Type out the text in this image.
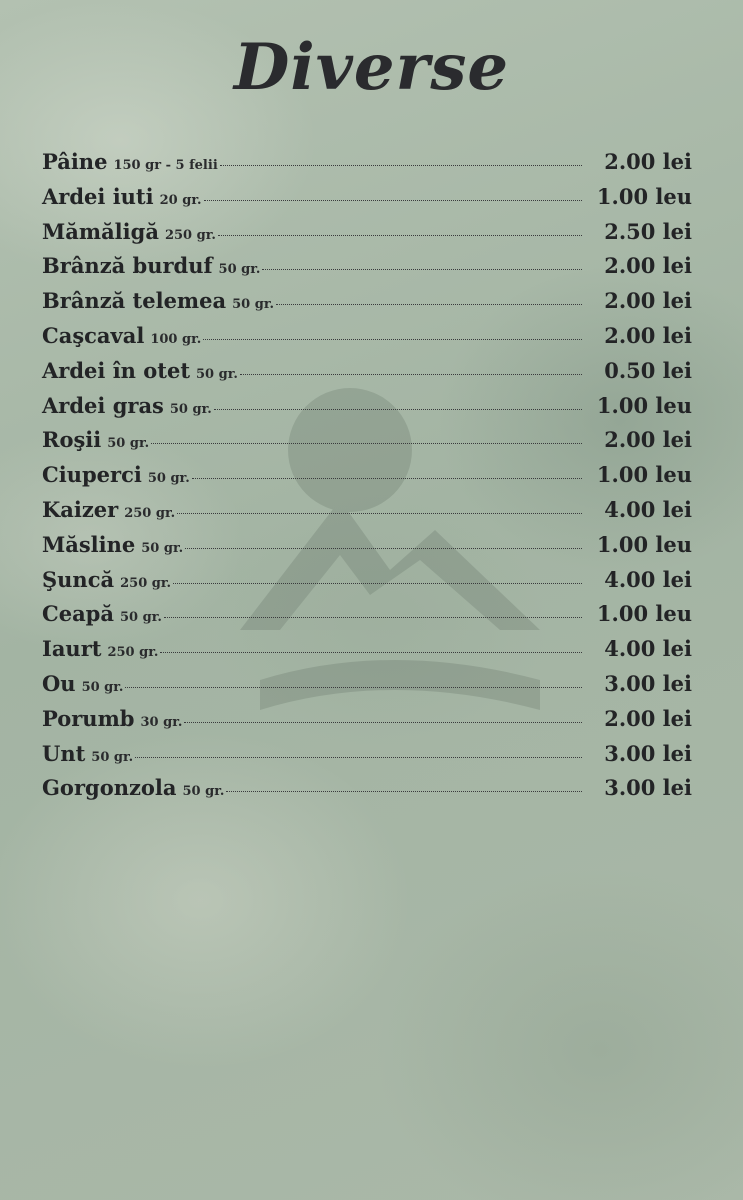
Diverse
Pâine 150 gr - 5 felii	2.00 lei
Ardei iuti 20 gr.	1.00 leu
Mămăligă 250 gr.	2.50 lei
Brânză burduf 50 gr.	2.00 lei
Brânză telemea 50 gr.	2.00 lei
Caşcaval 100 gr.	2.00 lei
Ardei în otet 50 gr.	0.50 lei
Ardei gras 50 gr.	1.00 leu
Roşii 50 gr.	2.00 lei
Ciuperci 50 gr.	1.00 leu
Kaizer 250 gr.	4.00 lei
Măsline 50 gr.	1.00 leu
Şuncă 250 gr.	4.00 lei
Ceapă 50 gr.	1.00 leu
Iaurt 250 gr.	4.00 lei
Ou 50 gr.	3.00 lei
Porumb 30 gr.	2.00 lei
Unt 50 gr.	3.00 lei
Gorgonzola 50 gr.	3.00 lei
